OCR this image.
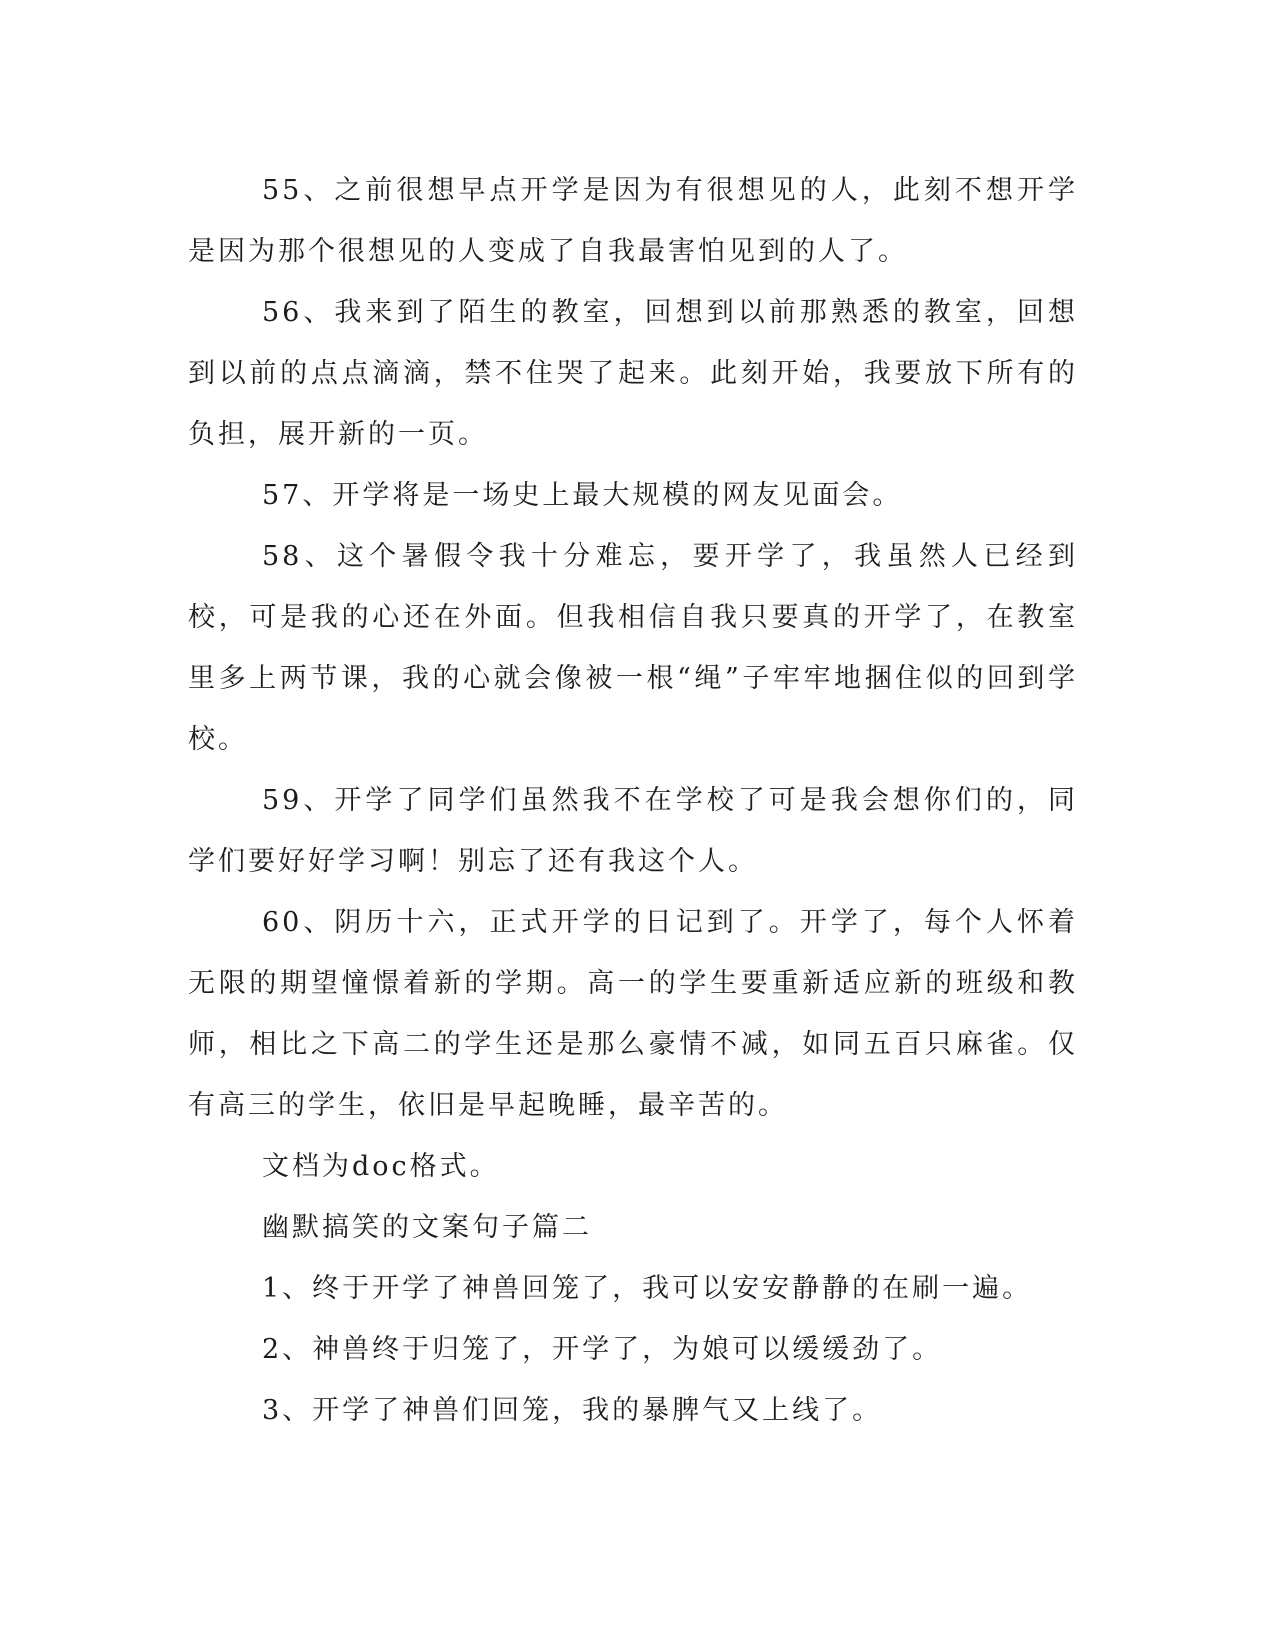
55、之前很想早点开学是因为有很想见的人，此刻不想开学是因为那个很想见的人变成了自我最害怕见到的人了。

56、我来到了陌生的教室，回想到以前那熟悉的教室，回想到以前的点点滴滴，禁不住哭了起来。此刻开始，我要放下所有的负担，展开新的一页。

57、开学将是一场史上最大规模的网友见面会。

58、这个暑假令我十分难忘，要开学了，我虽然人已经到校，可是我的心还在外面。但我相信自我只要真的开学了，在教室里多上两节课，我的心就会像被一根“绳”子牢牢地捆住似的回到学校。

59、开学了同学们虽然我不在学校了可是我会想你们的，同学们要好好学习啊！别忘了还有我这个人。

60、阴历十六，正式开学的日记到了。开学了，每个人怀着无限的期望憧憬着新的学期。高一的学生要重新适应新的班级和教师，相比之下高二的学生还是那么豪情不减，如同五百只麻雀。仅有高三的学生，依旧是早起晚睡，最辛苦的。

文档为doc格式。

幽默搞笑的文案句子篇二

1、终于开学了神兽回笼了，我可以安安静静的在刷一遍。

2、神兽终于归笼了，开学了，为娘可以缓缓劲了。

3、开学了神兽们回笼，我的暴脾气又上线了。
